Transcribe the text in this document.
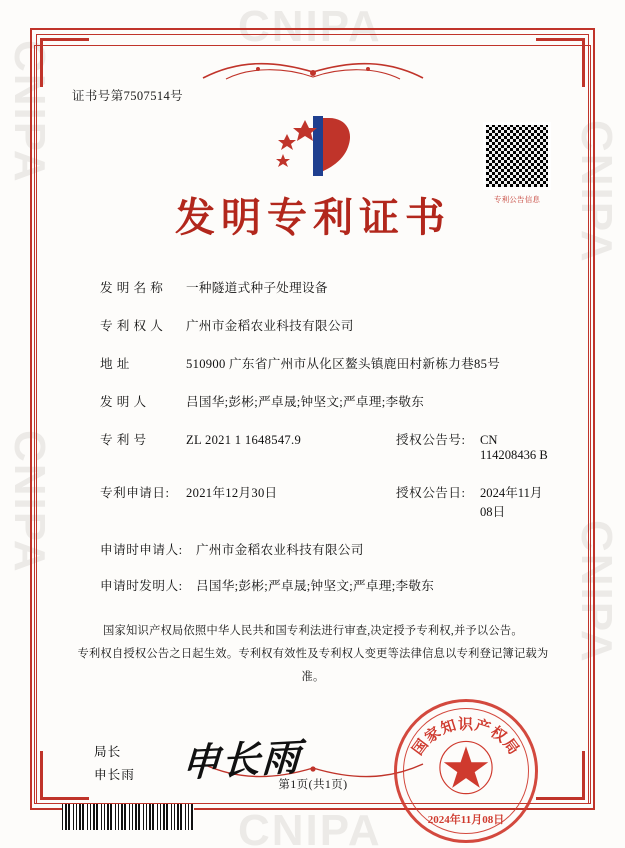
CNIPA
CNIPA
CNIPA
CNIPA
CNIPA
CNIPA
证书号第7507514号
专利公告信息
发明专利证书
发 明 名 称	一种隧道式种子处理设备
专 利 权 人	广州市金稻农业科技有限公司
地 址	510900 广东省广州市从化区鳌头镇鹿田村新栋力巷85号
发 明 人	吕国华;彭彬;严卓晟;钟坚文;严卓理;李敬东
专 利 号	ZL 2021 1 1648547.9	授权公告号:	CN 114208436 B
专利申请日:	2021年12月30日	授权公告日:	2024年11月08日
申请时申请人:	广州市金稻农业科技有限公司
申请时发明人:	吕国华;彭彬;严卓晟;钟坚文;严卓理;李敬东
国家知识产权局依照中华人民共和国专利法进行审查,决定授予专利权,并予以公告。
专利权自授权公告之日起生效。专利权有效性及专利权人变更等法律信息以专利登记簿记载为准。
局长
申长雨 申长雨	国家知识产权局
2024年11月08日
第1页(共1页)
